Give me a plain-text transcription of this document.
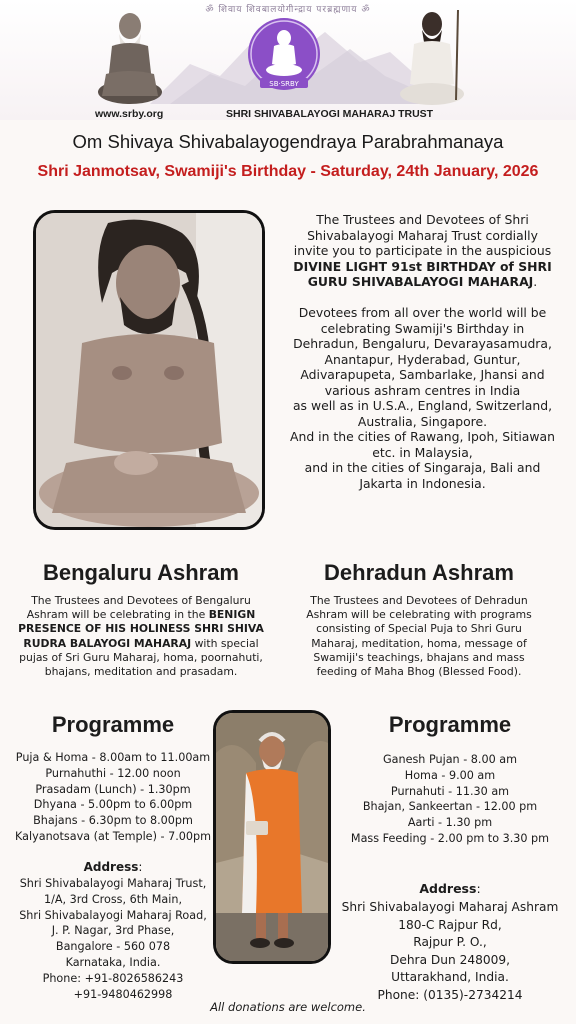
ॐ शिवाय शिवबालयोगीन्द्राय परब्रह्मणाय ॐ
SB·SRBY
www.srby.org	SHRI SHIVABALAYOGI MAHARAJ TRUST
Om Shivaya Shivabalayogendraya Parabrahmanaya
Shri Janmotsav, Swamiji's Birthday - Saturday, 24th January, 2026

The Trustees and Devotees of Shri Shivabalayogi Maharaj Trust cordially invite you to participate in the auspicious DIVINE LIGHT 91st BIRTHDAY of SHRI GURU SHIVABALAYOGI MAHARAJ.

Devotees from all over the world will be celebrating Swamiji's Birthday in Dehradun, Bengaluru, Devarayasamudra, Anantapur, Hyderabad, Guntur, Adivarapupeta, Sambarlake, Jhansi and various ashram centres in India
as well as in U.S.A., England, Switzerland, Australia, Singapore.
And in the cities of Rawang, Ipoh, Sitiawan etc. in Malaysia,
and in the cities of Singaraja, Bali and Jakarta in Indonesia.
Bengaluru Ashram
The Trustees and Devotees of Bengaluru Ashram will be celebrating in the BENIGN PRESENCE OF HIS HOLINESS SHRI SHIVA RUDRA BALAYOGI MAHARAJ with special pujas of Sri Guru Maharaj, homa, poornahuti, bhajans, meditation and prasadam.
Dehradun Ashram
The Trustees and Devotees of Dehradun Ashram will be celebrating with programs consisting of Special Puja to Shri Guru Maharaj, meditation, homa, message of Swamiji's teachings, bhajans and mass feeding of Maha Bhog (Blessed Food).
Programme
Puja & Homa - 8.00am to 11.00am
Purnahuthi - 12.00 noon
Prasadam (Lunch) - 1.30pm
Dhyana - 5.00pm to 6.00pm
Bhajans - 6.30pm to 8.00pm
Kalyanotsava (at Temple) - 7.00pm
Address:
Shri Shivabalayogi Maharaj Trust,
1/A, 3rd Cross, 6th Main,
Shri Shivabalayogi Maharaj Road,
J. P. Nagar, 3rd Phase,
Bangalore - 560 078
Karnataka, India.
Phone: +91-8026586243
+91-9480462998
Programme
Ganesh Pujan - 8.00 am
Homa - 9.00 am
Purnahuti - 11.30 am
Bhajan, Sankeertan - 12.00 pm
Aarti - 1.30 pm
Mass Feeding - 2.00 pm to 3.30 pm
Address:
Shri Shivabalayogi Maharaj Ashram
180-C Rajpur Rd,
Rajpur P. O.,
Dehra Dun 248009,
Uttarakhand, India.
Phone: (0135)-2734214
All donations are welcome.
